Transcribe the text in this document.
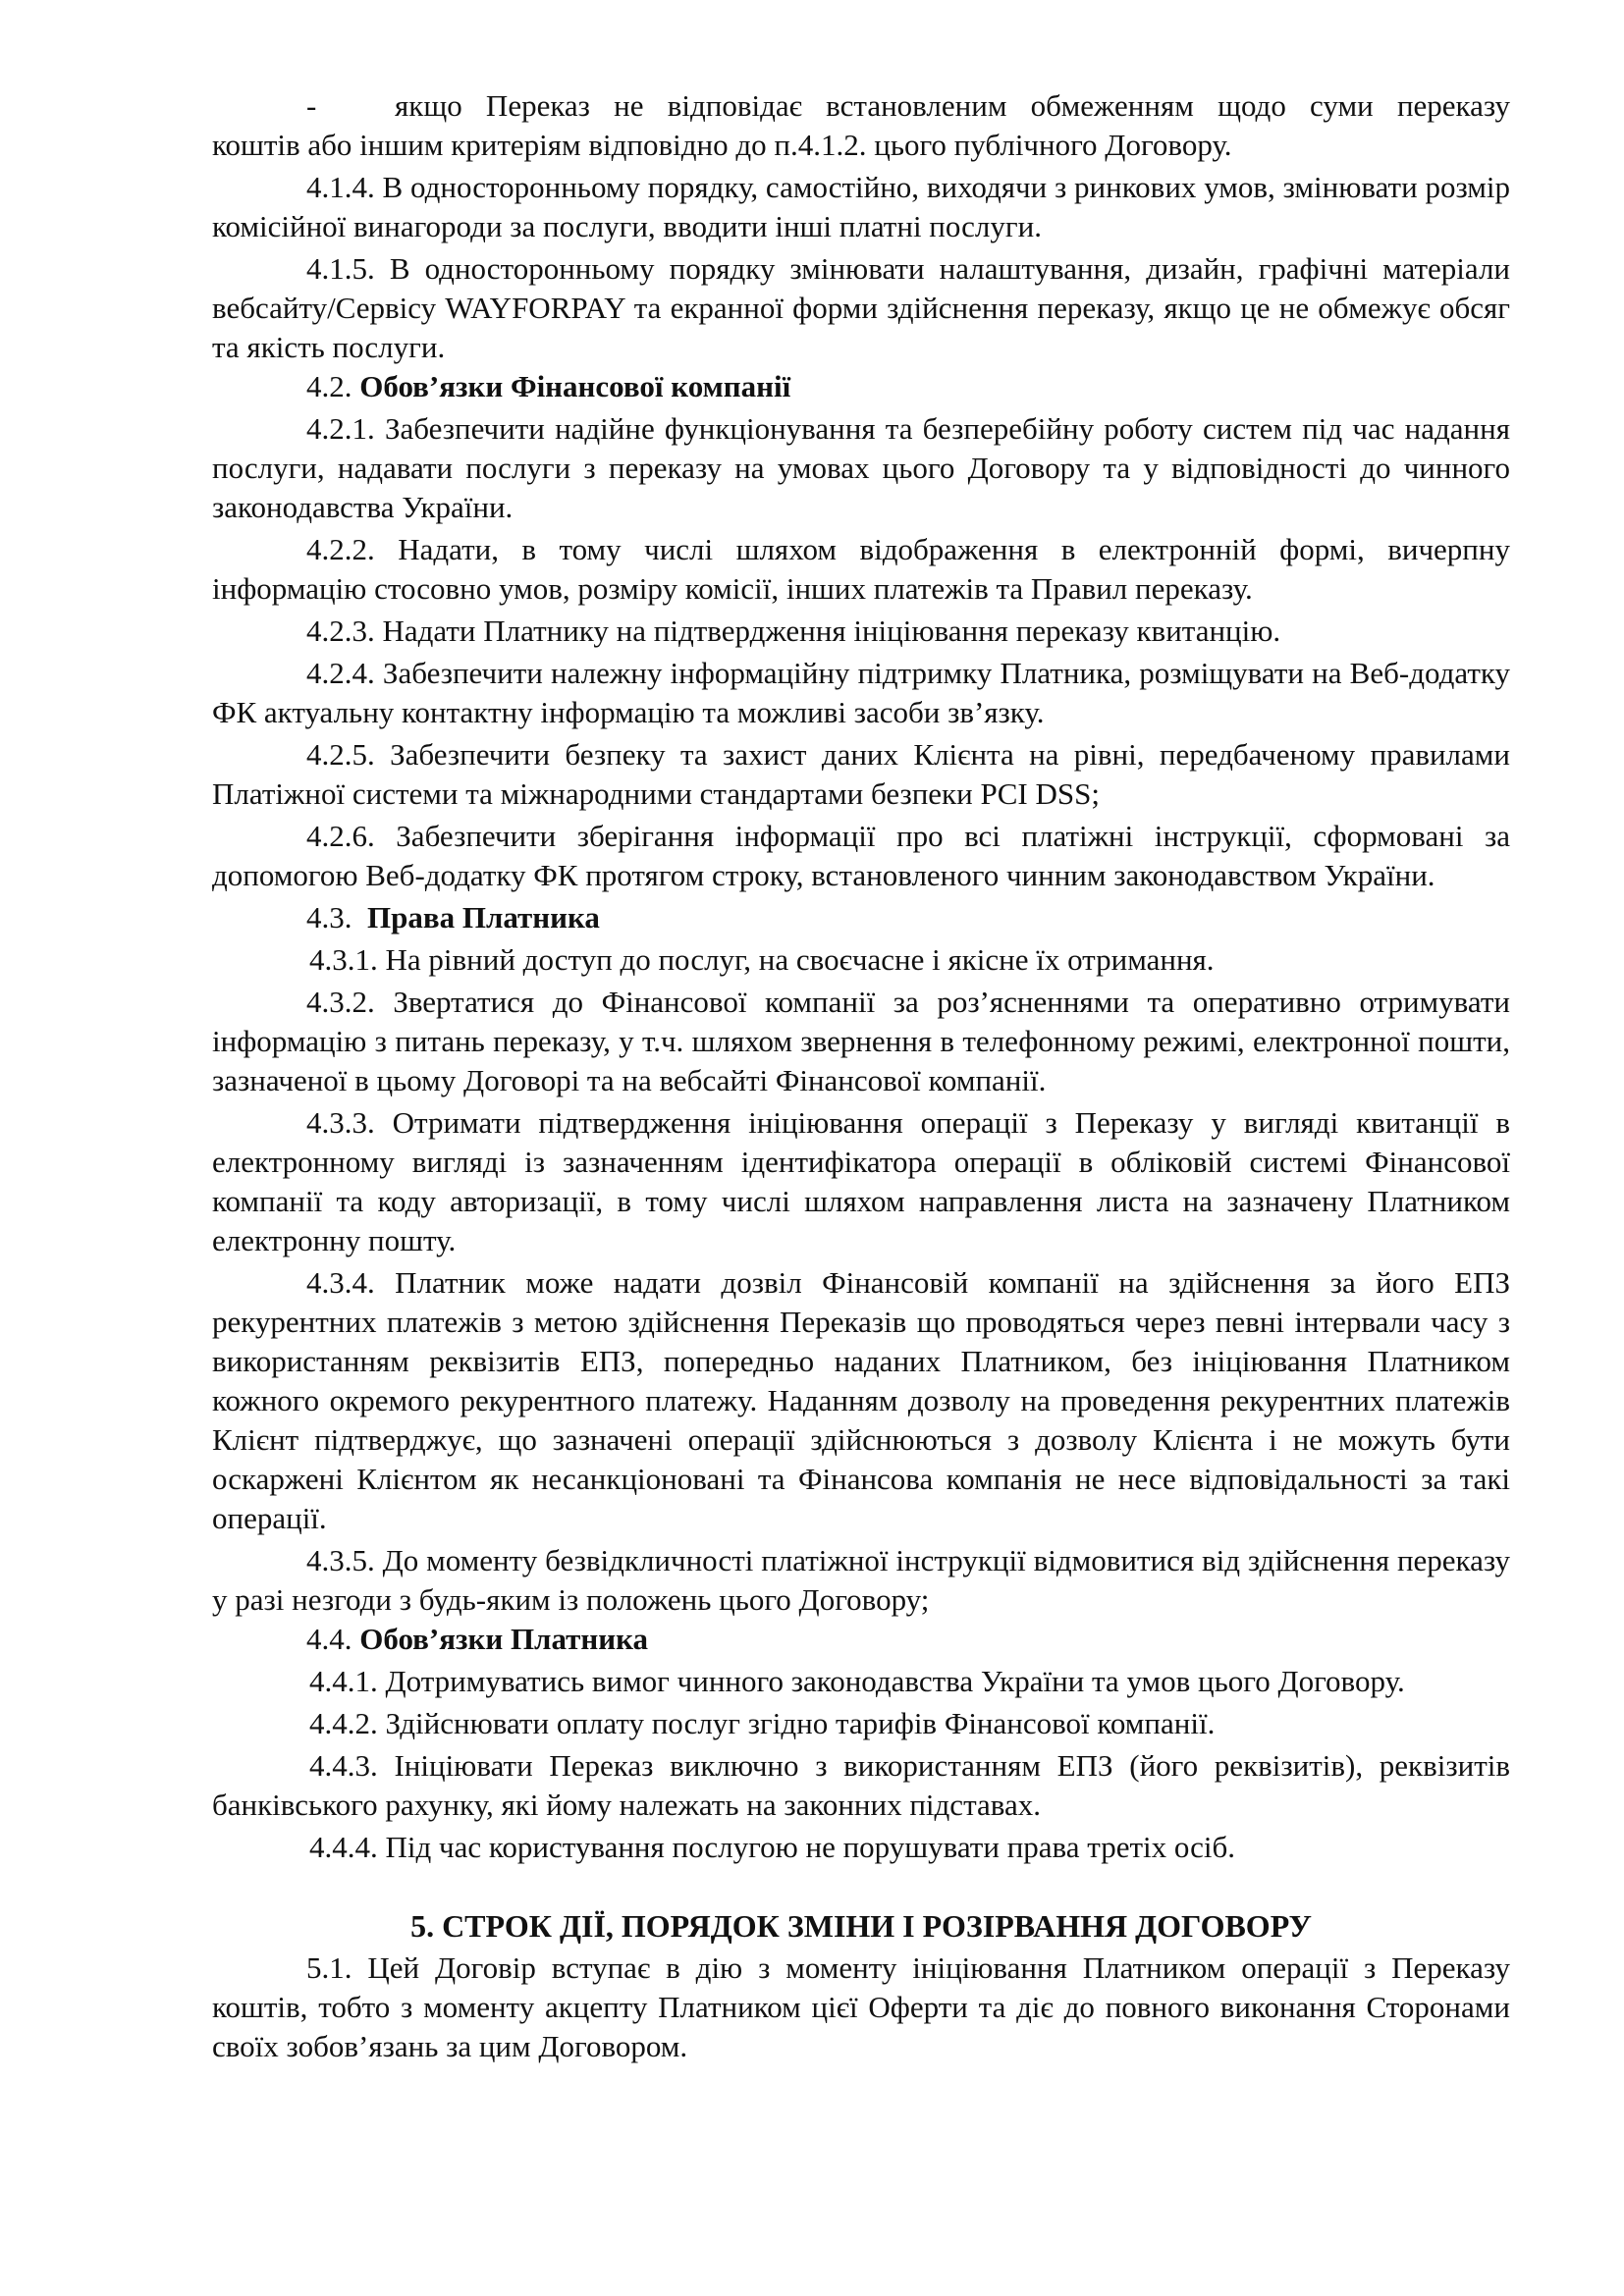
-	якщо Переказ не відповідає встановленим обмеженням щодо суми переказу

коштів або іншим критеріям відповідно до п.4.1.2. цього публічного Договору.

4.1.4. В односторонньому порядку, самостійно, виходячи з ринкових умов, змінювати розмір комісійної винагороди за послуги, вводити інші платні послуги.

4.1.5. В односторонньому порядку змінювати налаштування, дизайн, графічні матеріали вебсайту/Сервісу WAYFORPAY та екранної форми здійснення переказу, якщо це не обмежує обсяг та якість послуги.

4.2. Обов’язки Фінансової компанії

4.2.1. Забезпечити надійне функціонування та безперебійну роботу систем під час надання послуги, надавати послуги з переказу на умовах цього Договору та у відповідності до чинного законодавства України.

4.2.2. Надати, в тому числі шляхом відображення в електронній формі, вичерпну інформацію стосовно умов, розміру комісії, інших платежів та Правил переказу.

4.2.3. Надати Платнику на підтвердження ініціювання переказу квитанцію.

4.2.4. Забезпечити належну інформаційну підтримку Платника, розміщувати на Веб-додатку ФК актуальну контактну інформацію та можливі засоби зв’язку.

4.2.5. Забезпечити безпеку та захист даних Клієнта на рівні, передбаченому правилами Платіжної системи та міжнародними стандартами безпеки PCI DSS;

4.2.6. Забезпечити зберігання інформації про всі платіжні інструкції, сформовані за допомогою Веб-додатку ФК протягом строку, встановленого чинним законодавством України.

4.3. Права Платника

4.3.1. На рівний доступ до послуг, на своєчасне і якісне їх отримання.

4.3.2. Звертатися до Фінансової компанії за роз’ясненнями та оперативно отримувати інформацію з питань переказу, у т.ч. шляхом звернення в телефонному режимі, електронної пошти, зазначеної в цьому Договорі та на вебсайті Фінансової компанії.

4.3.3. Отримати підтвердження ініціювання операції з Переказу у вигляді квитанції в електронному вигляді із зазначенням ідентифікатора операції в обліковій системі Фінансової компанії та коду авторизації, в тому числі шляхом направлення листа на зазначену Платником електронну пошту.

4.3.4. Платник може надати дозвіл Фінансовій компанії на здійснення за його ЕПЗ рекурентних платежів з метою здійснення Переказів що проводяться через певні інтервали часу з використанням реквізитів ЕПЗ, попередньо наданих Платником, без ініціювання Платником кожного окремого рекурентного платежу. Наданням дозволу на проведення рекурентних платежів Клієнт підтверджує, що зазначені операції здійснюються з дозволу Клієнта і не можуть бути оскаржені Клієнтом як несанкціоновані та Фінансова компанія не несе відповідальності за такі операції.

4.3.5. До моменту безвідкличності платіжної інструкції відмовитися від здійснення переказу у разі незгоди з будь-яким із положень цього Договору;

4.4. Обов’язки Платника

4.4.1. Дотримуватись вимог чинного законодавства України та умов цього Договору.

4.4.2. Здійснювати оплату послуг згідно тарифів Фінансової компанії.

4.4.3. Ініціювати Переказ виключно з використанням ЕПЗ (його реквізитів), реквізитів банківського рахунку, які йому належать на законних підставах.

4.4.4. Під час користування послугою не порушувати права третіх осіб.

5. СТРОК ДІЇ, ПОРЯДОК ЗМІНИ І РОЗІРВАННЯ ДОГОВОРУ

5.1. Цей Договір вступає в дію з моменту ініціювання Платником операції з Переказу коштів, тобто з моменту акцепту Платником цієї Оферти та діє до повного виконання Сторонами своїх зобов’язань за цим Договором.
